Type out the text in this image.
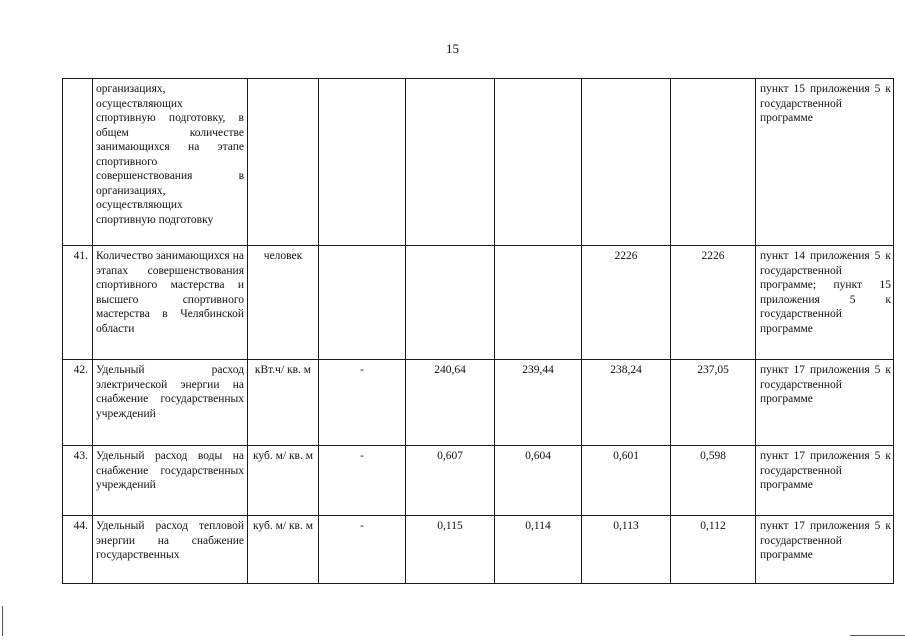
15
	организациях, осуществляющих спортивную подготовку, в общем количестве занимающихся на этапе спортивного совершенствования в организациях, осуществляющих спортивную подготовку							пункт 15 приложения 5 к государственной программе
41.	Количество занимающихся на этапах совершенствования спортивного мастерства и высшего спортивного мастерства в Челябинской области	человек				2226	2226	пункт 14 приложения 5 к государственной программе; пункт 15 приложения 5 к государственной программе
42.	Удельный расход электрической энергии на снабжение государственных учреждений	кВт.ч/ кв. м	-	240,64	239,44	238,24	237,05	пункт 17 приложения 5 к государственной программе
43.	Удельный расход воды на снабжение государственных учреждений	куб. м/ кв. м	-	0,607	0,604	0,601	0,598	пункт 17 приложения 5 к государственной программе
44.	Удельный расход тепловой энергии на снабжение государственных	куб. м/ кв. м	-	0,115	0,114	0,113	0,112	пункт 17 приложения 5 к государственной программе
